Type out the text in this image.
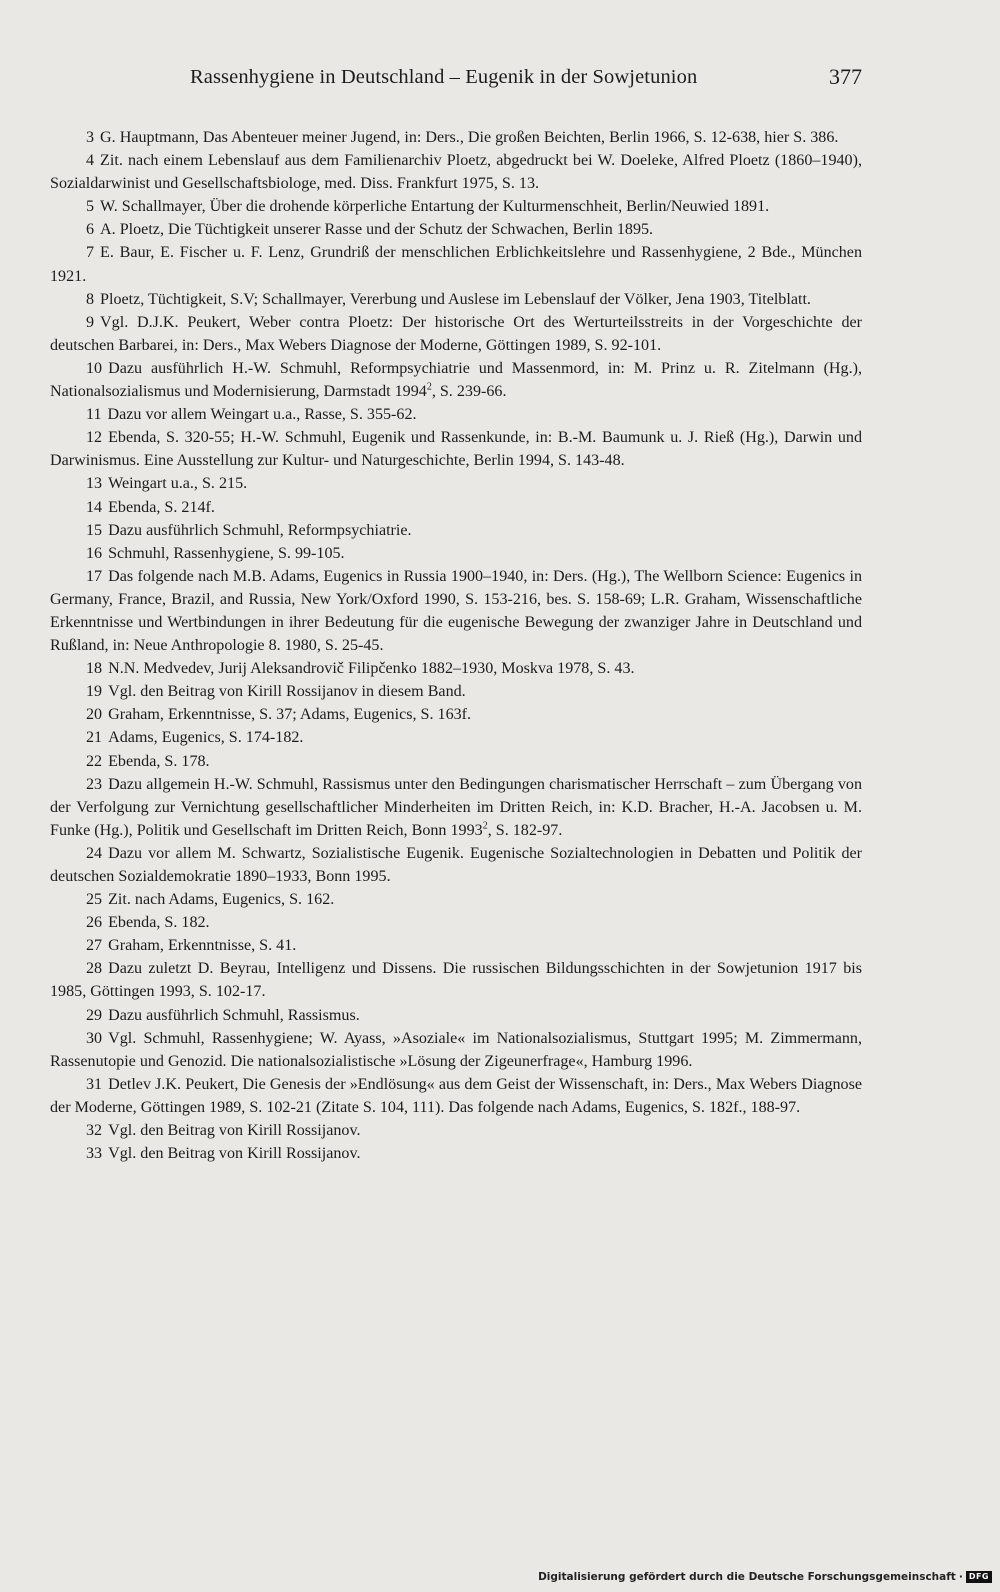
Rassenhygiene in Deutschland – Eugenik in der Sowjetunion	377
3 G. Hauptmann, Das Abenteuer meiner Jugend, in: Ders., Die großen Beichten, Berlin 1966, S. 12-638, hier S. 386.
4 Zit. nach einem Lebenslauf aus dem Familienarchiv Ploetz, abgedruckt bei W. Doeleke, Alfred Ploetz (1860–1940), Sozialdarwinist und Gesellschaftsbiologe, med. Diss. Frankfurt 1975, S. 13.
5 W. Schallmayer, Über die drohende körperliche Entartung der Kulturmenschheit, Berlin/Neuwied 1891.
6 A. Ploetz, Die Tüchtigkeit unserer Rasse und der Schutz der Schwachen, Berlin 1895.
7 E. Baur, E. Fischer u. F. Lenz, Grundriß der menschlichen Erblichkeitslehre und Rassenhygiene, 2 Bde., München 1921.
8 Ploetz, Tüchtigkeit, S.V; Schallmayer, Vererbung und Auslese im Lebenslauf der Völker, Jena 1903, Titelblatt.
9 Vgl. D.J.K. Peukert, Weber contra Ploetz: Der historische Ort des Werturteilsstreits in der Vorgeschichte der deutschen Barbarei, in: Ders., Max Webers Diagnose der Moderne, Göttingen 1989, S. 92-101.
10 Dazu ausführlich H.-W. Schmuhl, Reformpsychiatrie und Massenmord, in: M. Prinz u. R. Zitelmann (Hg.), Nationalsozialismus und Modernisierung, Darmstadt 1994$^2$, S. 239-66.
11 Dazu vor allem Weingart u.a., Rasse, S. 355-62.
12 Ebenda, S. 320-55; H.-W. Schmuhl, Eugenik und Rassenkunde, in: B.-M. Baumunk u. J. Rieß (Hg.), Darwin und Darwinismus. Eine Ausstellung zur Kultur- und Naturgeschichte, Berlin 1994, S. 143-48.
13 Weingart u.a., S. 215.
14 Ebenda, S. 214f.
15 Dazu ausführlich Schmuhl, Reformpsychiatrie.
16 Schmuhl, Rassenhygiene, S. 99-105.
17 Das folgende nach M.B. Adams, Eugenics in Russia 1900–1940, in: Ders. (Hg.), The Wellborn Science: Eugenics in Germany, France, Brazil, and Russia, New York/Oxford 1990, S. 153-216, bes. S. 158-69; L.R. Graham, Wissenschaftliche Erkenntnisse und Wertbindungen in ihrer Bedeutung für die eugenische Bewegung der zwanziger Jahre in Deutschland und Rußland, in: Neue Anthropologie 8. 1980, S. 25-45.
18 N.N. Medvedev, Jurij Aleksandrovič Filipčenko 1882–1930, Moskva 1978, S. 43.
19 Vgl. den Beitrag von Kirill Rossijanov in diesem Band.
20 Graham, Erkenntnisse, S. 37; Adams, Eugenics, S. 163f.
21 Adams, Eugenics, S. 174-182.
22 Ebenda, S. 178.
23 Dazu allgemein H.-W. Schmuhl, Rassismus unter den Bedingungen charismatischer Herrschaft – zum Übergang von der Verfolgung zur Vernichtung gesellschaftlicher Minderheiten im Dritten Reich, in: K.D. Bracher, H.-A. Jacobsen u. M. Funke (Hg.), Politik und Gesellschaft im Dritten Reich, Bonn 1993$^2$, S. 182-97.
24 Dazu vor allem M. Schwartz, Sozialistische Eugenik. Eugenische Sozialtechnologien in Debatten und Politik der deutschen Sozialdemokratie 1890–1933, Bonn 1995.
25 Zit. nach Adams, Eugenics, S. 162.
26 Ebenda, S. 182.
27 Graham, Erkenntnisse, S. 41.
28 Dazu zuletzt D. Beyrau, Intelligenz und Dissens. Die russischen Bildungsschichten in der Sowjetunion 1917 bis 1985, Göttingen 1993, S. 102-17.
29 Dazu ausführlich Schmuhl, Rassismus.
30 Vgl. Schmuhl, Rassenhygiene; W. Ayass, »Asoziale« im Nationalsozialismus, Stuttgart 1995; M. Zimmermann, Rassenutopie und Genozid. Die nationalsozialistische »Lösung der Zigeunerfrage«, Hamburg 1996.
31 Detlev J.K. Peukert, Die Genesis der »Endlösung« aus dem Geist der Wissenschaft, in: Ders., Max Webers Diagnose der Moderne, Göttingen 1989, S. 102-21 (Zitate S. 104, 111). Das folgende nach Adams, Eugenics, S. 182f., 188-97.
32 Vgl. den Beitrag von Kirill Rossijanov.
33 Vgl. den Beitrag von Kirill Rossijanov.
Digitalisierung gefördert durch die Deutsche Forschungsgemeinschaft · DFG
